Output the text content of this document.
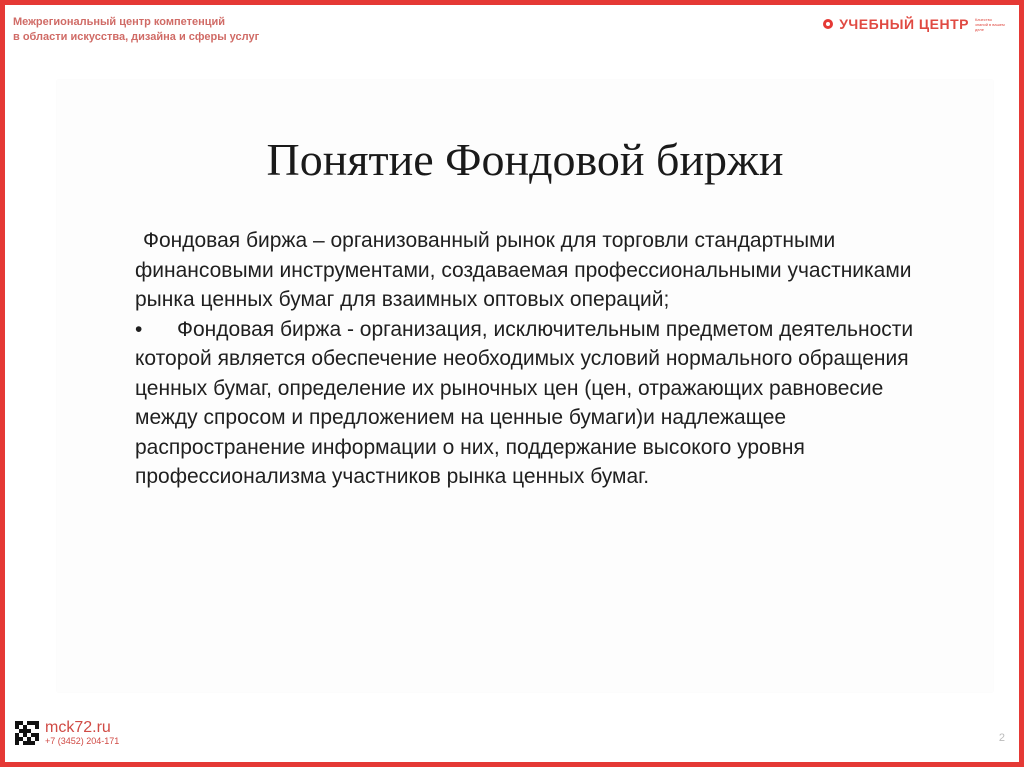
Межрегиональный центр компетенций
в области искусства, дизайна и сферы услуг
УЧЕБНЫЙ ЦЕНТР Качество знаний в вашем деле
Понятие Фондовой биржи
Фондовая биржа – организованный рынок для торговли стандартными финансовыми инструментами, создаваемая профессиональными участниками рынка ценных бумаг для взаимных оптовых операций;
• Фондовая биржа - организация, исключительным предметом деятельности которой является обеспечение необходимых условий нормального обращения ценных бумаг, определение их рыночных цен (цен, отражающих равновесие между спросом и предложением на ценные бумаги)и надлежащее распространение информации о них, поддержание высокого уровня профессионализма участников рынка ценных бумаг.
mck72.ru
+7 (3452) 204-171	2
